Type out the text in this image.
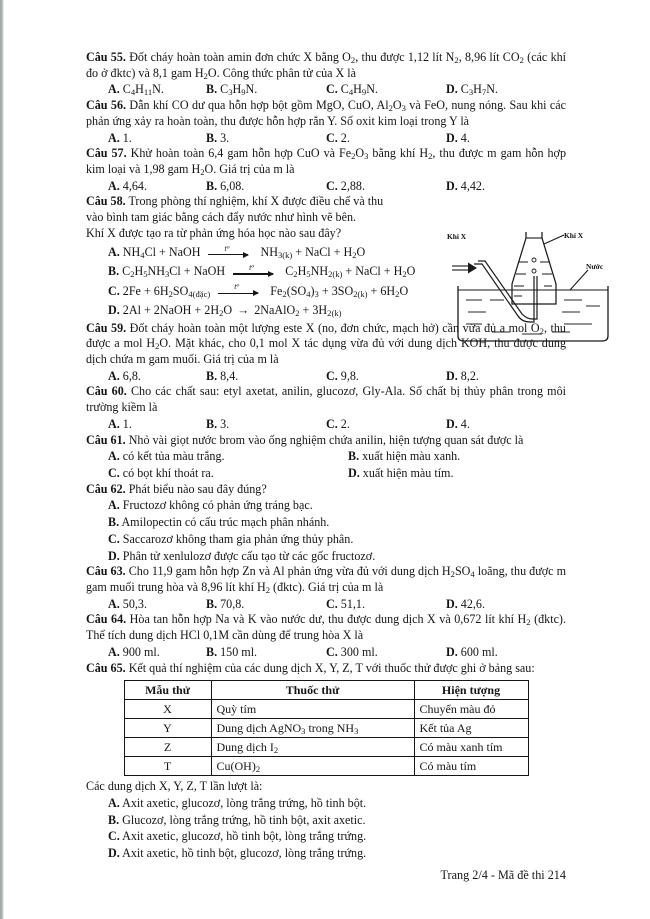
Câu 55. Đốt cháy hoàn toàn amin đơn chức X bằng $O_2$, thu được 1,12 lít $N_2$, 8,96 lít $CO_2$ (các khí đo ở đktc) và 8,1 gam $H_2O$. Công thức phân tử của X là

A. $C_4H_{11}N$.	B. $C_3H_9N$.	C. $C_4H_9N$.	D. $C_3H_7N$.

Câu 56. Dẫn khí CO dư qua hỗn hợp bột gồm MgO, CuO, $Al_2O_3$ và FeO, nung nóng. Sau khi các phản ứng xảy ra hoàn toàn, thu được hỗn hợp rắn Y. Số oxit kim loại trong Y là

A. 1.	B. 3.	C. 2.	D. 4.

Câu 57. Khử hoàn toàn 6,4 gam hỗn hợp CuO và $Fe_2O_3$ bằng khí $H_2$, thu được m gam hỗn hợp kim loại và 1,98 gam $H_2O$. Giá trị của m là

A. 4,64.	B. 6,08.	C. 2,88.	D. 4,42.

Câu 58. Trong phòng thí nghiệm, khí X được điều chế và thu

vào bình tam giác bằng cách đẩy nước như hình vẽ bên.

Khí X được tạo ra từ phản ứng hóa học nào sau đây?

A. $NH_4Cl$ + NaOH	$t^o$ $NH_{3(k)}$ + NaCl + $H_2O$
B. $C_2H_5NH_3Cl$ + NaOH	$t^o$ $C_2H_5NH_{2(k)}$ + NaCl + $H_2O$
C. $2Fe + 6H_2SO_{4(đặc)}$
$t^o$ $Fe_2(SO_4)_3 + 3SO_{2(k)} + 6H_2O$
D. 2Al + 2NaOH + $2H_2O$ → 2NaAlO$_2$ + $3H_{2(k)}$

Câu 59. Đốt cháy hoàn toàn một lượng este X (no, đơn chức, mạch hở) cần vừa đủ a mol $O_2$, thu được a mol $H_2O$. Mặt khác, cho 0,1 mol X tác dụng vừa đủ với dung dịch KOH, thu được dung dịch chứa m gam muối. Giá trị của m là

A. 6,8.	B. 8,4.	C. 9,8.	D. 8,2.

Câu 60. Cho các chất sau: etyl axetat, anilin, glucozơ, Gly-Ala. Số chất bị thủy phân trong môi trường kiềm là

A. 1.	B. 3.	C. 2.	D. 4.

Câu 61. Nhỏ vài giọt nước brom vào ống nghiệm chứa anilin, hiện tượng quan sát được là

A. có kết tủa màu trắng.	B. xuất hiện màu xanh.
C. có bọt khí thoát ra.	D. xuất hiện màu tím.

Câu 62. Phát biểu nào sau đây đúng?

A. Fructozơ không có phản ứng tráng bạc.
B. Amilopectin có cấu trúc mạch phân nhánh.
C. Saccarozơ không tham gia phản ứng thủy phân.
D. Phân tử xenlulozơ được cấu tạo từ các gốc fructozơ.

Câu 63. Cho 11,9 gam hỗn hợp Zn và Al phản ứng vừa đủ với dung dịch $H_2SO_4$ loãng, thu được m gam muối trung hòa và 8,96 lít khí $H_2$ (đktc). Giá trị của m là

A. 50,3.	B. 70,8.	C. 51,1.	D. 42,6.

Câu 64. Hòa tan hỗn hợp Na và K vào nước dư, thu được dung dịch X và 0,672 lít khí $H_2$ (đktc). Thể tích dung dịch HCl 0,1M cần dùng để trung hòa X là

A. 900 ml.	B. 150 ml.	C. 300 ml.	D. 600 ml.

Câu 65. Kết quả thí nghiệm của các dung dịch X, Y, Z, T với thuốc thử được ghi ở bảng sau:

Mẫu thử	Thuốc thử	Hiện tượng
X	Quỳ tím	Chuyển màu đỏ
Y	Dung dịch AgNO$_3$ trong $NH_3$	Kết tủa Ag
Z	Dung dịch $I_2$	Có màu xanh tím
T	$Cu(OH)_2$	Có màu tím

Các dung dịch X, Y, Z, T lần lượt là:

A. Axit axetic, glucozơ, lòng trắng trứng, hồ tinh bột.
B. Glucozơ, lòng trắng trứng, hồ tinh bột, axit axetic.
C. Axit axetic, glucozơ, hồ tinh bột, lòng trắng trứng.
D. Axit axetic, hồ tinh bột, glucozơ, lòng trắng trứng.
Khí X
Nước
Khí X
Trang 2/4 - Mã đề thi 214
